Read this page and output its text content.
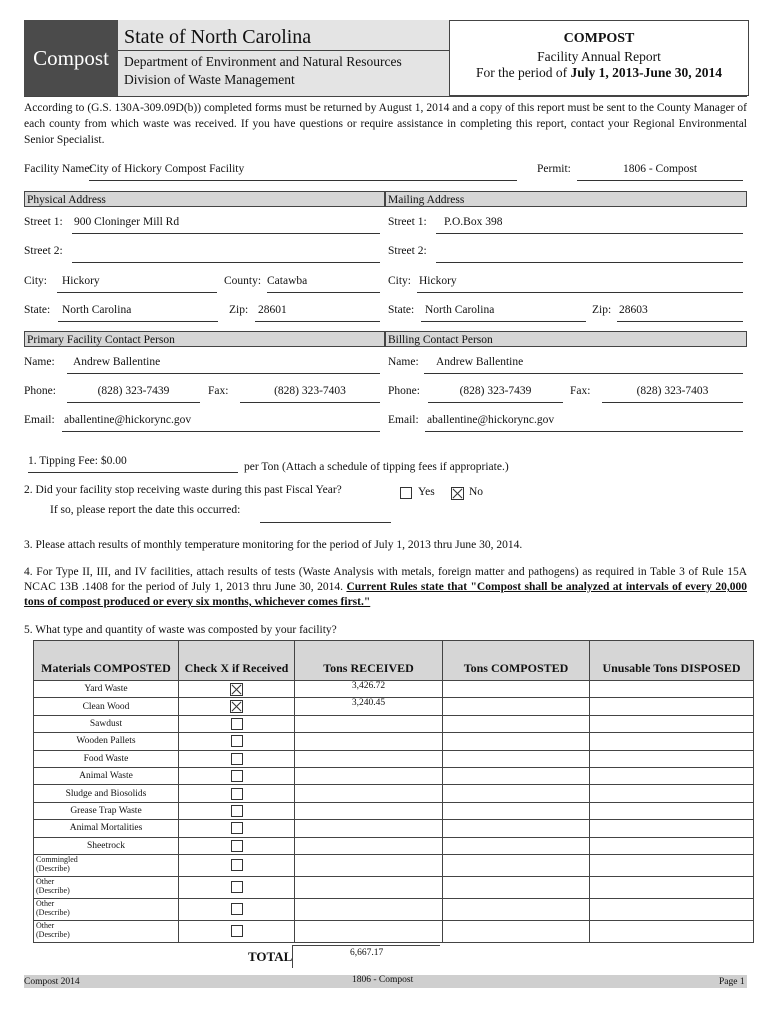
Compost
State of North Carolina
Department of Environment and Natural Resources
Division of Waste Management
COMPOST
Facility Annual Report
For the period of July 1, 2013-June 30, 2014
According to (G.S. 130A-309.09D(b)) completed forms must be returned by August 1, 2014 and a copy of this report must be sent to the County Manager of each county from which waste was received. If you have questions or require assistance in completing this report, contact your Regional Environmental Senior Specialist.
Facility Name:
City of Hickory Compost Facility	Permit:	1806 - Compost
Physical Address	Mailing Address
Street 1: 900 Cloninger Mill Rd
Street 2:
City:	Hickory	County: Catawba
State:	North Carolina	Zip: 28601
Street 1:	P.O.Box 398
Street 2:
City: Hickory
State: North Carolina	Zip: 28603
Primary Facility Contact Person	Billing Contact Person
Name:	Andrew Ballentine
Phone:	(828) 323-7439	Fax:	(828) 323-7403
Email: aballentine@hickorync.gov
Name:	Andrew Ballentine
Phone:	(828) 323-7439	Fax:	(828) 323-7403
Email: aballentine@hickorync.gov
1. Tipping Fee: $0.00	per Ton (Attach a schedule of tipping fees if appropriate.)
2. Did your facility stop receiving waste during this past Fiscal Year?	Yes	No
If so, please report the date this occurred:
3. Please attach results of monthly temperature monitoring for the period of July 1, 2013 thru June 30, 2014.
4. For Type II, III, and IV facilities, attach results of tests (Waste Analysis with metals, foreign matter and pathogens) as required in Table 3 of Rule 15A NCAC 13B .1408 for the period of July 1, 2013 thru June 30, 2014. Current Rules state that "Compost shall be analyzed at intervals of every 20,000 tons of compost produced or every six months, whichever comes first."
5. What type and quantity of waste was composted by your facility?
Materials COMPOSTED	Check X if Received	Tons RECEIVED	Tons COMPOSTED	Unusable Tons DISPOSED
Yard Waste		3,426.72		
Clean Wood		3,240.45		
Sawdust				
Wooden Pallets				
Food Waste				
Animal Waste				
Sludge and Biosolids				
Grease Trap Waste				
Animal Mortalities				
Sheetrock				

Commingled
(Describe)				

Other
(Describe)				

Other
(Describe)				

Other
(Describe)				

TOTAL	6,667.17
Compost 2014	1806 - Compost	Page 1
